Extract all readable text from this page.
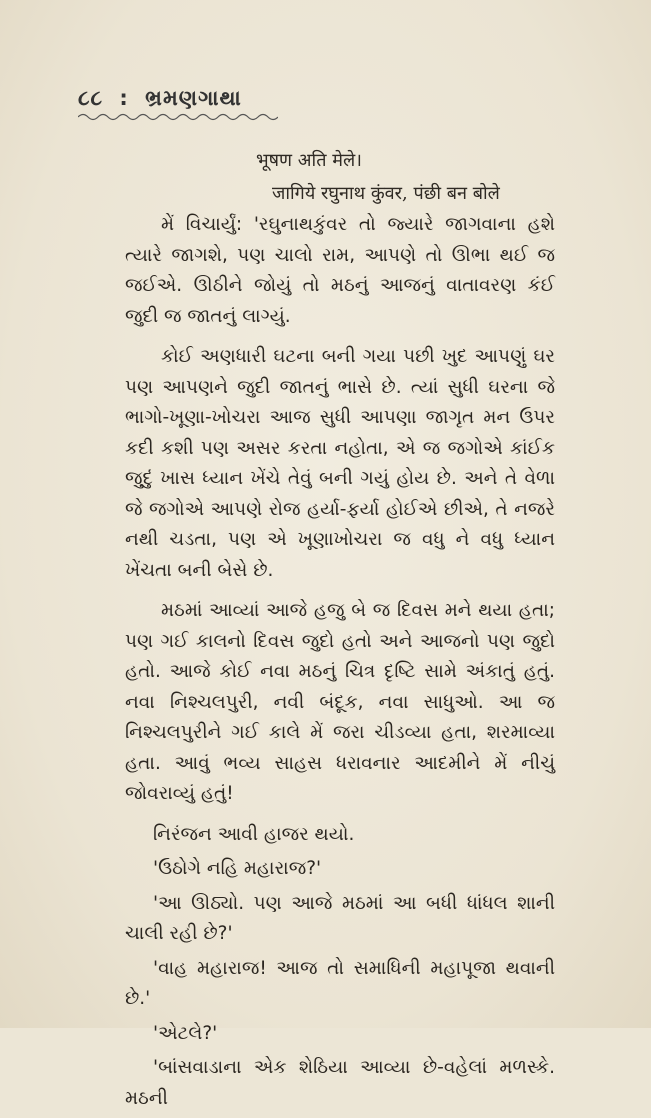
૮૮ : ભ્રમણગાથા
भूषण अति मेले।
जागिये रघुनाथ कुंवर, पंछी बन बोले

મેં વિચાર્યું: 'રઘુનાથકુંવર તો જ્યારે જાગવાના હશે ત્યારે જાગશે, પણ ચાલો રામ, આપણે તો ઊભા થઈ જ જઈએ. ઊઠીને જોયું તો મઠનું આજનું વાતાવરણ કંઈ જુદી જ જાતનું લાગ્યું.

કોઈ અણધારી ઘટના બની ગયા પછી ખુદ આપણું ઘર પણ આપણને જુદી જાતનું ભાસે છે. ત્યાં સુધી ઘરના જે ભાગો-ખૂણા-ખોચરા આજ સુધી આપણા જાગૃત મન ઉપર કદી કશી પણ અસર કરતા નહોતા, એ જ જગોએ કાંઈક જુદું ખાસ ધ્યાન ખેંચે તેવું બની ગયું હોય છે. અને તે વેળા જે જગોએ આપણે રોજ હર્યા-ફર્યા હોઈએ છીએ, તે નજરે નથી ચડતા, પણ એ ખૂણાખોચરા જ વધુ ને વધુ ધ્યાન ખેંચતા બની બેસે છે.

મઠમાં આવ્યાં આજે હજુ બે જ દિવસ મને થયા હતા; પણ ગઈ કાલનો દિવસ જુદો હતો અને આજનો પણ જુદો હતો. આજે કોઈ નવા મઠનું ચિત્ર દૃષ્ટિ સામે અંકાતું હતું. નવા નિશ્ચલપુરી, નવી બંદૂક, નવા સાધુઓ. આ જ નિશ્ચલપુરીને ગઈ કાલે મેં જરા ચીડવ્યા હતા, શરમાવ્યા હતા. આવું ભવ્ય સાહસ ધરાવનાર આદમીને મેં નીચું જોવરાવ્યું હતું!

નિરંજન આવી હાજર થયો.

'ઉઠોગે નહિ મહારાજ?'

'આ ઊઠ્યો. પણ આજે મઠમાં આ બધી ધાંધલ શાની ચાલી રહી છે?'

'વાહ મહારાજ! આજ તો સમાધિની મહાપૂજા થવાની છે.'

'એટલે?'

'બાંસવાડાના એક શેઠિયા આવ્યા છે-વહેલાં મળસ્કે. મઠની
